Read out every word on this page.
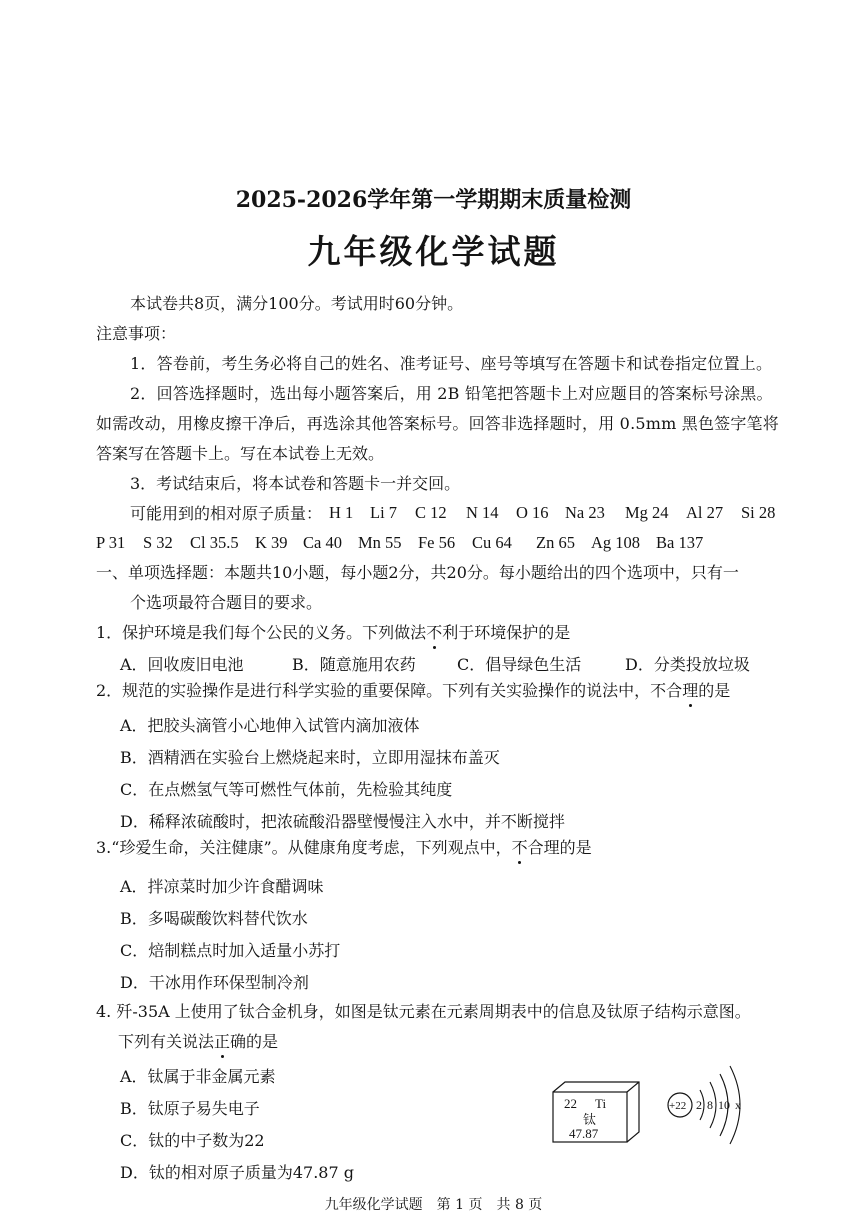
2025-2026学年第一学期期末质量检测
九年级化学试题
本试卷共8页，满分100分。考试用时60分钟。
注意事项：
1．答卷前，考生务必将自己的姓名、准考证号、座号等填写在答题卡和试卷指定位置上。
2．回答选择题时，选出每小题答案后，用 2B 铅笔把答题卡上对应题目的答案标号涂黑。
如需改动，用橡皮擦干净后，再选涂其他答案标号。回答非选择题时，用 0.5mm 黑色签字笔将
答案写在答题卡上。写在本试卷上无效。
3．考试结束后，将本试卷和答题卡一并交回。
可能用到的相对原子质量： H 1 Li 7 C 12 N 14 O 16 Na 23 Mg 24 Al 27 Si 28
P 31 S 32 Cl 35.5 K 39 Ca 40 Mn 55 Fe 56 Cu 64 Zn 65 Ag 108 Ba 137
一、单项选择题：本题共10小题，每小题2分，共20分。每小题给出的四个选项中，只有一
个选项最符合题目的要求。
1．保护环境是我们每个公民的义务。下列做法不利于环境保护的是
A．回收废旧电池	B．随意施用农药	C．倡导绿色生活	D．分类投放垃圾
2．规范的实验操作是进行科学实验的重要保障。下列有关实验操作的说法中，不合理的是
A．把胶头滴管小心地伸入试管内滴加液体
B．酒精洒在实验台上燃烧起来时，立即用湿抹布盖灭
C．在点燃氢气等可燃性气体前，先检验其纯度
D．稀释浓硫酸时，把浓硫酸沿器壁慢慢注入水中，并不断搅拌
3.“珍爱生命，关注健康”。从健康角度考虑，下列观点中，不合理的是
A．拌凉菜时加少许食醋调味
B．多喝碳酸饮料替代饮水
C．焙制糕点时加入适量小苏打
D．干冰用作环保型制冷剂
4. 歼-35A 上使用了钛合金机身，如图是钛元素在元素周期表中的信息及钛原子结构示意图。
下列有关说法正确的是
A．钛属于非金属元素
B．钛原子易失电子
C．钛的中子数为22
D．钛的相对原子质量为47.87 g
22 Ti
钛
47.87
+22 2 8 10 x
九年级化学试题　第 1 页　共 8 页
